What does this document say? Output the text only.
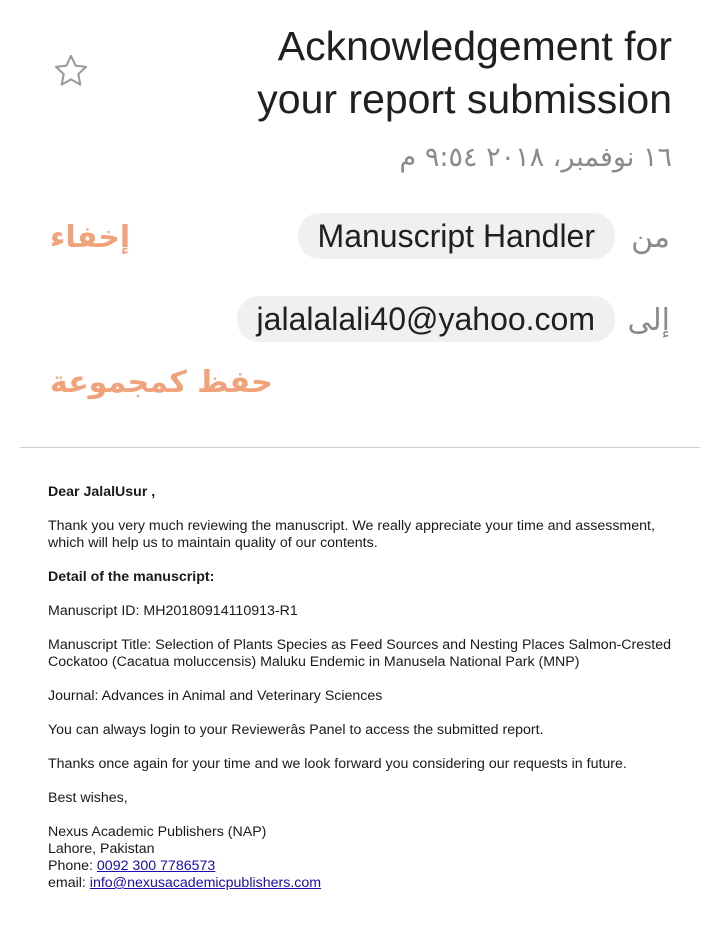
Acknowledgement for
your report submission
١٦ نوفمبر، ٢٠١٨ ٩:٥٤ م
إخفاء	Manuscript Handler	من
jalalalali40@yahoo.com	إلى
حفظ كمجموعة

Dear JalalUsur ,

Thank you very much reviewing the manuscript. We really appreciate your time and assessment, which will help us to maintain quality of our contents.

Detail of the manuscript:

Manuscript ID: MH20180914110913-R1

Manuscript Title: Selection of Plants Species as Feed Sources and Nesting Places Salmon-Crested Cockatoo (Cacatua moluccensis) Maluku Endemic in Manusela National Park (MNP)

Journal: Advances in Animal and Veterinary Sciences

You can always login to your Reviewerâs Panel to access the submitted report.

Thanks once again for your time and we look forward you considering our requests in future.

Best wishes,

Nexus Academic Publishers (NAP)

Lahore, Pakistan

Phone: 0092 300 7786573

email: info@nexusacademicpublishers.com
